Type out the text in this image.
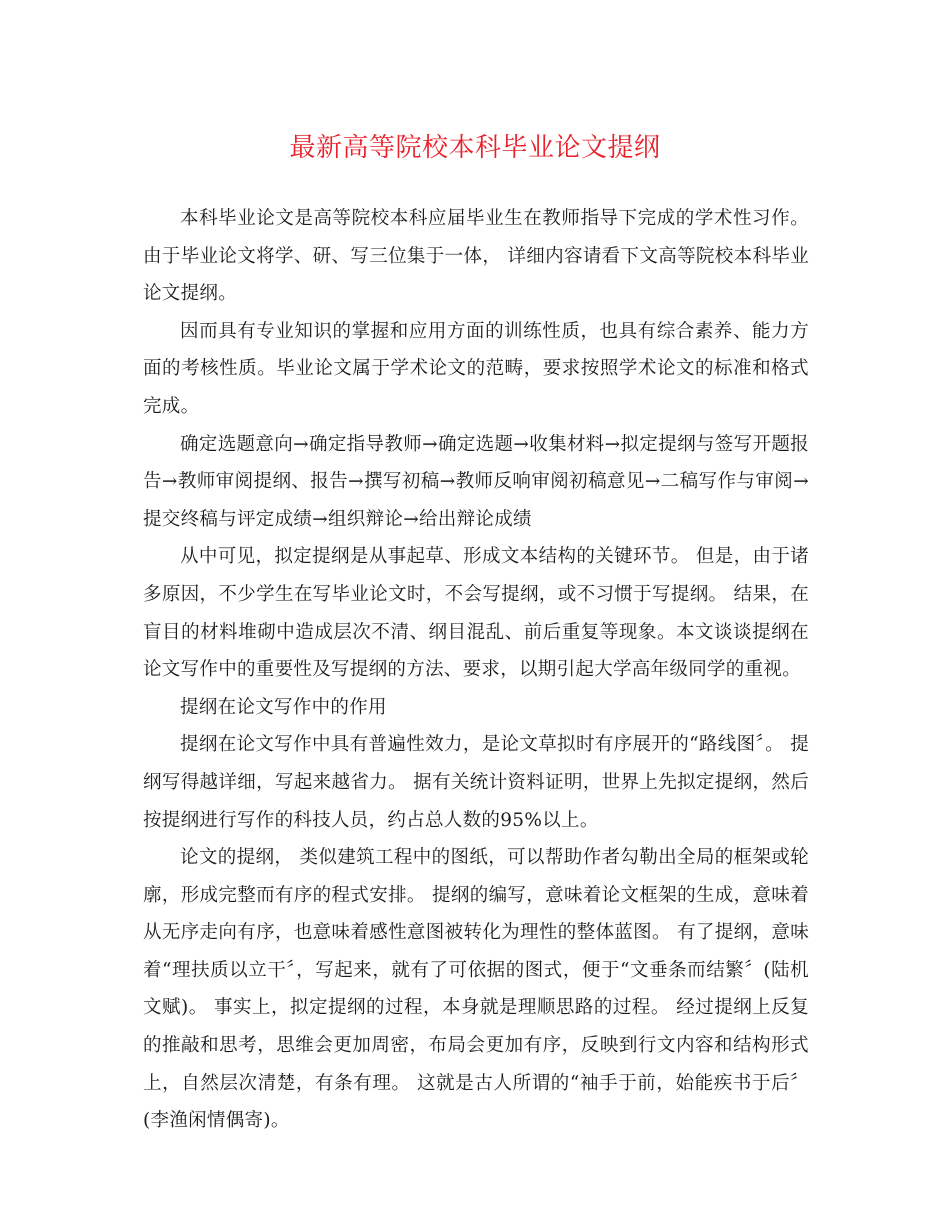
最新高等院校本科毕业论文提纲

本科毕业论文是高等院校本科应届毕业生在教师指导下完成的学术性习作。由于毕业论文将学、研、写三位集于一体， 详细内容请看下文高等院校本科毕业论文提纲。

因而具有专业知识的掌握和应用方面的训练性质，也具有综合素养、能力方面的考核性质。毕业论文属于学术论文的范畴，要求按照学术论文的标准和格式完成。

确定选题意向→确定指导教师→确定选题→收集材料→拟定提纲与签写开题报告→教师审阅提纲、报告→撰写初稿→教师反响审阅初稿意见→二稿写作与审阅→提交终稿与评定成绩→组织辩论→给出辩论成绩

从中可见，拟定提纲是从事起草、形成文本结构的关键环节。 但是，由于诸多原因，不少学生在写毕业论文时，不会写提纲，或不习惯于写提纲。 结果，在盲目的材料堆砌中造成层次不清、纲目混乱、前后重复等现象。本文谈谈提纲在论文写作中的重要性及写提纲的方法、要求，以期引起大学高年级同学的重视。

提纲在论文写作中的作用

提纲在论文写作中具有普遍性效力，是论文草拟时有序展开的“路线图〞。 提纲写得越详细，写起来越省力。 据有关统计资料证明，世界上先拟定提纲，然后按提纲进行写作的科技人员，约占总人数的95%以上。

论文的提纲， 类似建筑工程中的图纸，可以帮助作者勾勒出全局的框架或轮廓，形成完整而有序的程式安排。 提纲的编写，意味着论文框架的生成，意味着从无序走向有序，也意味着感性意图被转化为理性的整体蓝图。 有了提纲，意味着“理扶质以立干〞，写起来，就有了可依据的图式，便于“文垂条而结繁〞(陆机文赋)。 事实上，拟定提纲的过程，本身就是理顺思路的过程。 经过提纲上反复的推敲和思考，思维会更加周密，布局会更加有序，反映到行文内容和结构形式上，自然层次清楚，有条有理。 这就是古人所谓的“袖手于前，始能疾书于后〞(李渔闲情偶寄)。
